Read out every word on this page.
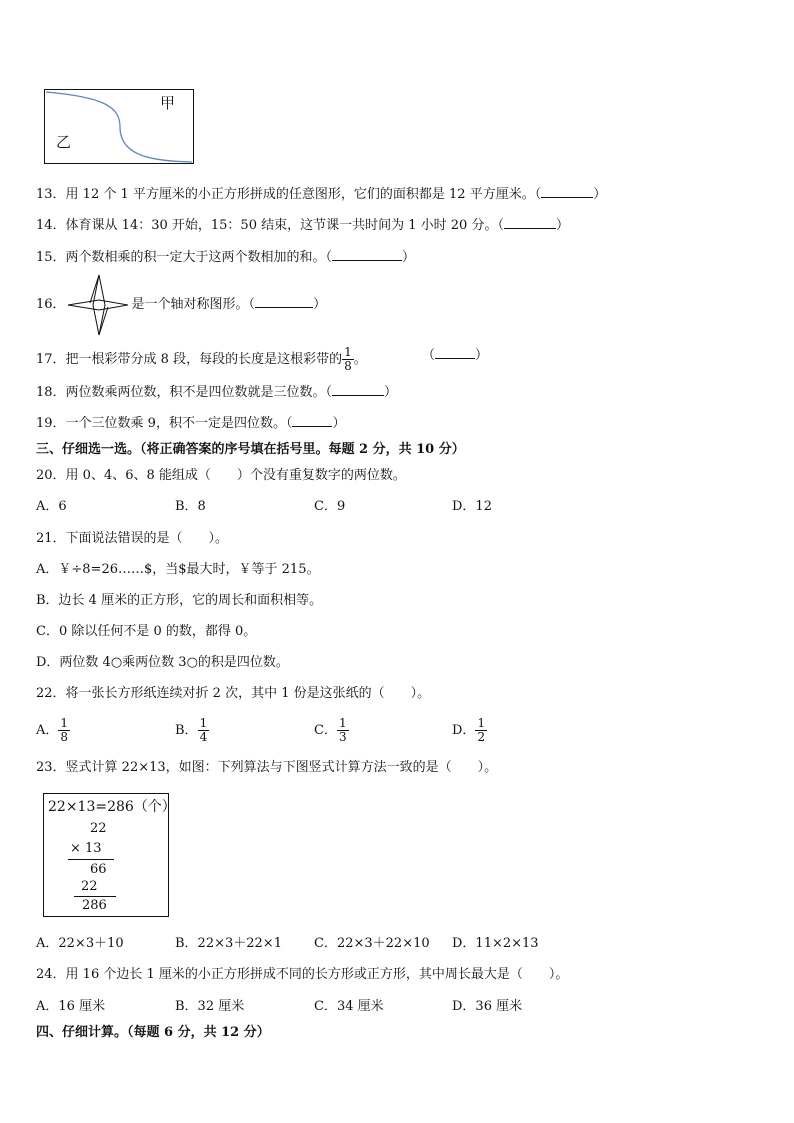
甲
乙
13．用 12 个 1 平方厘米的小正方形拼成的任意图形，它们的面积都是 12 平方厘米。（	）
14．体育课从 14：30 开始，15：50 结束，这节课一共时间为 1 小时 20 分。（	）
15．两个数相乘的积一定大于这两个数相加的和。（	）
16．	是一个轴对称图形。（	）
17．把一根彩带分成 8 段，每段的长度是这根彩带的 $\frac{1}{8}$ 。	（	）
18．两位数乘两位数，积不是四位数就是三位数。（	）
19．一个三位数乘 9，积不一定是四位数。（	）
三、仔细选一选。（将正确答案的序号填在括号里。每题 2 分，共 10 分）
20．用 0、4、6、8 能组成（　　）个没有重复数字的两位数。
A．6	B．8	C．9	D．12
21．下面说法错误的是（　　）。
A．￥÷8=26……$，当$最大时，￥等于 215。
B．边长 4 厘米的正方形，它的周长和面积相等。
C．0 除以任何不是 0 的数，都得 0。
D．两位数 4○乘两位数 3○的积是四位数。
22．将一张长方形纸连续对折 2 次，其中 1 份是这张纸的（　　）。
A． $\frac{1}{8}$	B． $\frac{1}{4}$	C． $\frac{1}{3}$	D． $\frac{1}{2}$
23．竖式计算 22×13，如图：下列算法与下图竖式计算方法一致的是（　　）。
22×13=286（个）
22
× 13
66
22
286
A．22×3＋10	B．22×3＋22×1 C．22×3＋22×10 D．11×2×13
24．用 16 个边长 1 厘米的小正方形拼成不同的长方形或正方形，其中周长最大是（　　）。
A．16 厘米	B．32 厘米	C．34 厘米	D．36 厘米
四、仔细计算。（每题 6 分，共 12 分）
